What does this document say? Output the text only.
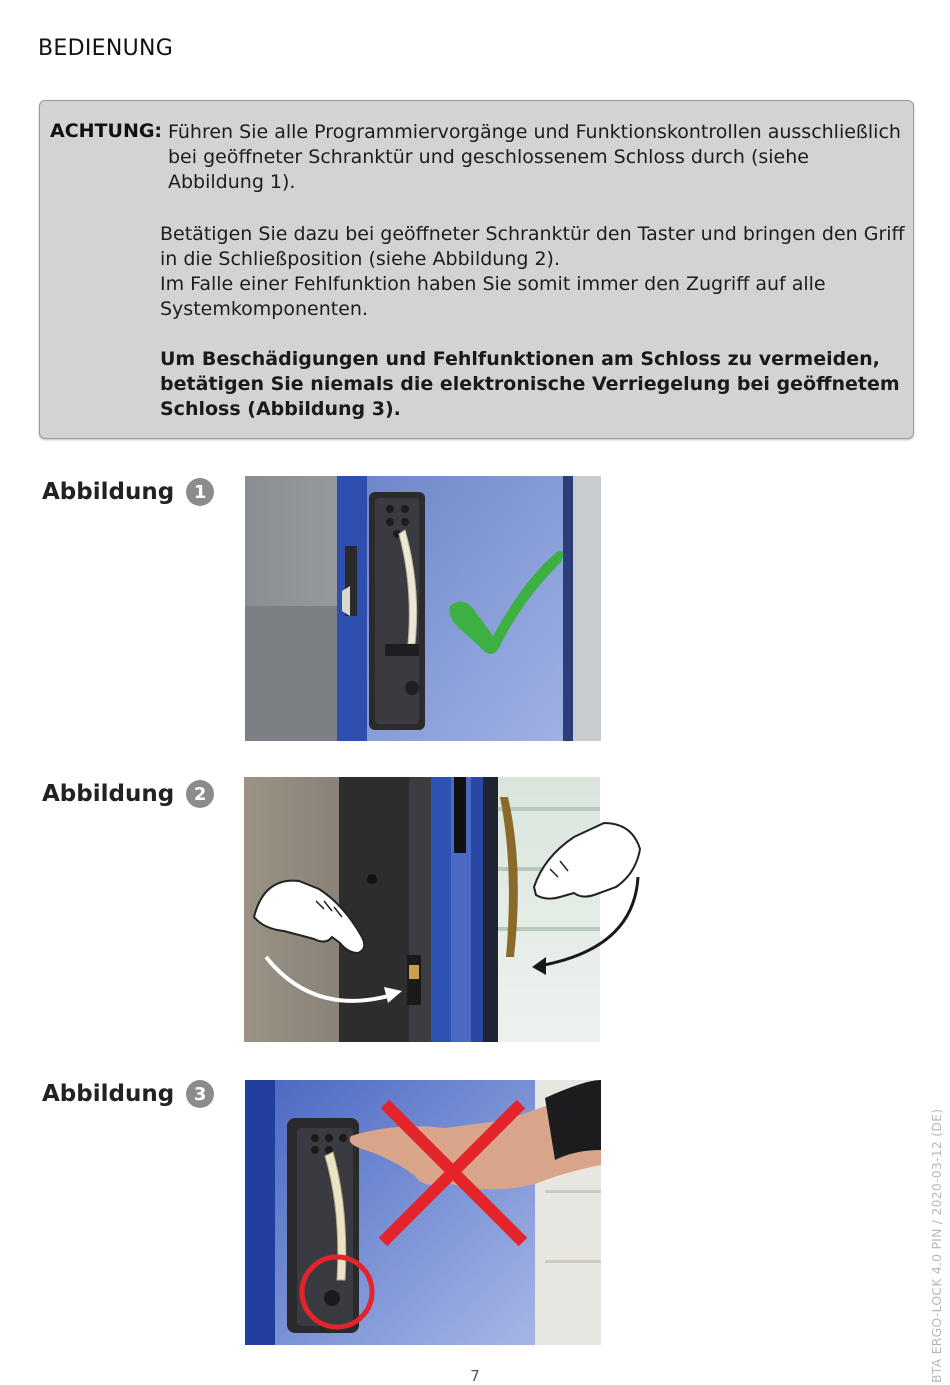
BEDIENUNG
ACHTUNG: Führen Sie alle Programmiervorgänge und Funktionskontrollen ausschließlich bei geöffneter Schranktür und geschlossenem Schloss durch (siehe Abbildung 1).
Betätigen Sie dazu bei geöffneter Schranktür den Taster und bringen den Griff in die Schließposition (siehe Abbildung 2).
Im Falle einer Fehlfunktion haben Sie somit immer den Zugriff auf alle Systemkomponenten.
Um Beschädigungen und Fehlfunktionen am Schloss zu vermeiden, betätigen Sie niemals die elektronische Verriegelung bei geöffnetem Schloss (Abbildung 3).
Abbildung	1
Abbildung	2
Abbildung	3
BTA ERGO-LOCK 4.0 PIN / 2020-03-12 (DE)
7
